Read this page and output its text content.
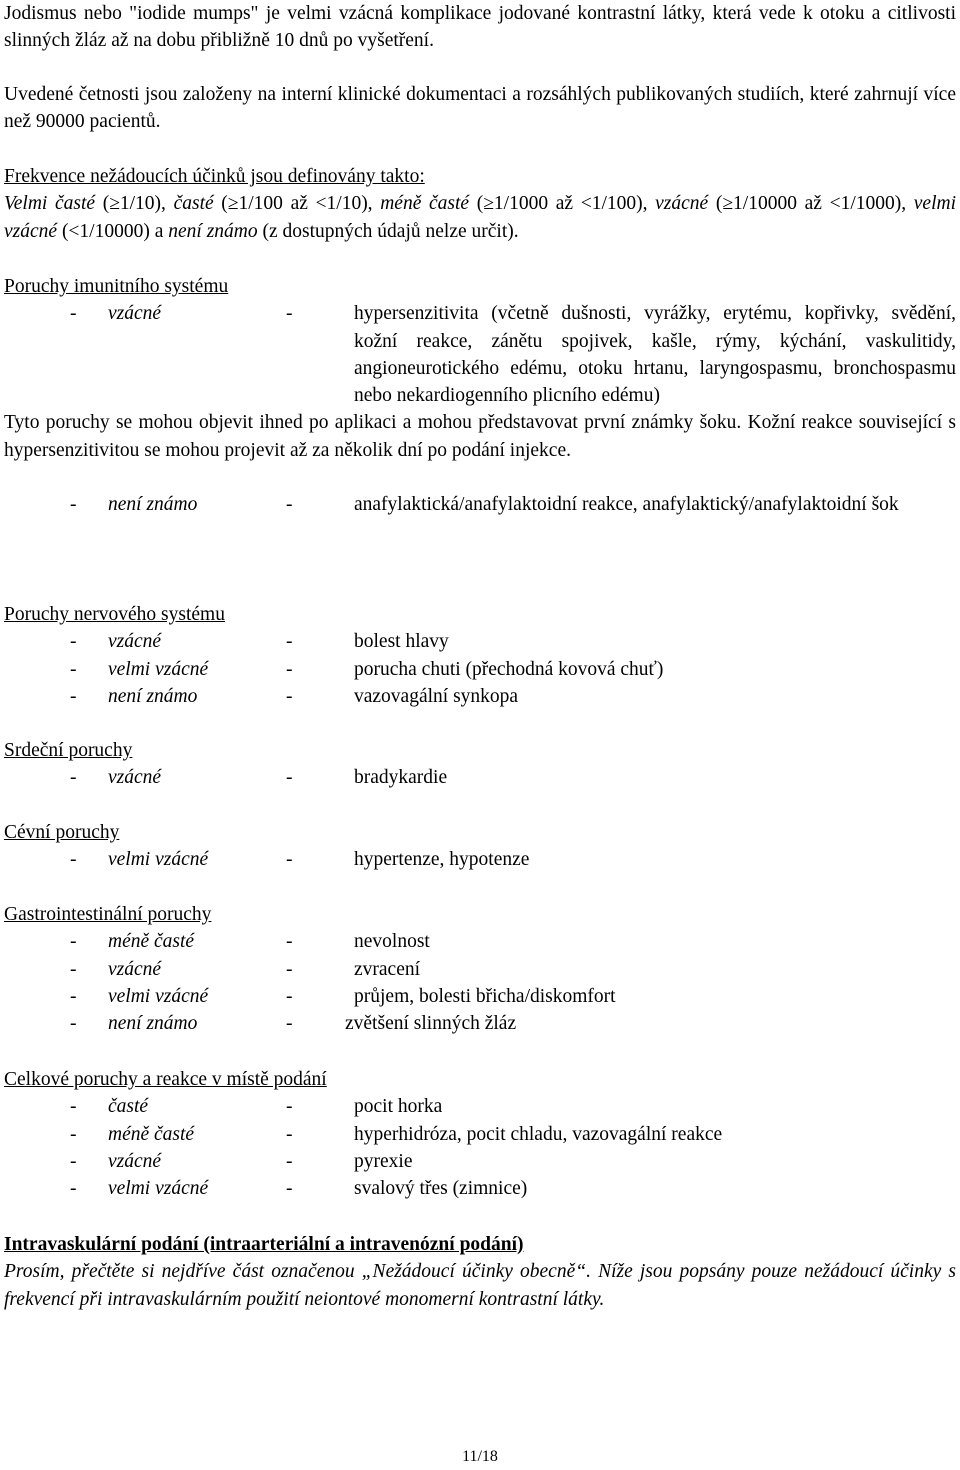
Jodismus nebo "iodide mumps" je velmi vzácná komplikace jodované kontrastní látky, která vede k otoku a citlivosti slinných žláz až na dobu přibližně 10 dnů po vyšetření.

Uvedené četnosti jsou založeny na interní klinické dokumentaci a rozsáhlých publikovaných studiích, které zahrnují více než 90000 pacientů.

Frekvence nežádoucích účinků jsou definovány takto:

Velmi časté (≥1/10), časté (≥1/100 až <1/10), méně časté (≥1/1000 až <1/100), vzácné (≥1/10000 až <1/1000), velmi vzácné (<1/10000) a není známo (z dostupných údajů nelze určit).

Poruchy imunitního systému

- vzácné	-	hypersenzitivita (včetně dušnosti, vyrážky, erytému, kopřivky, svědění, kožní reakce, zánětu spojivek, kašle, rýmy, kýchání, vaskulitidy, angioneurotického edému, otoku hrtanu, laryngospasmu, bronchospasmu nebo nekardiogenního plicního edému)

Tyto poruchy se mohou objevit ihned po aplikaci a mohou představovat první známky šoku. Kožní reakce související s hypersenzitivitou se mohou projevit až za několik dní po podání injekce.

- není známo	-	anafylaktická/anafylaktoidní reakce, anafylaktický/anafylaktoidní šok

Poruchy nervového systému

- vzácné	-	bolest hlavy
- velmi vzácné	-	porucha chuti (přechodná kovová chuť)
- není známo	-	vazovagální synkopa

Srdeční poruchy

- vzácné	-	bradykardie

Cévní poruchy

- velmi vzácné	-	hypertenze, hypotenze

Gastrointestinální poruchy

- méně časté	-	nevolnost
- vzácné	-	zvracení
- velmi vzácné	-	průjem, bolesti břicha/diskomfort
- není známo	-	zvětšení slinných žláz

Celkové poruchy a reakce v místě podání

- časté	-	pocit horka
- méně časté	-	hyperhidróza, pocit chladu, vazovagální reakce
- vzácné	-	pyrexie
- velmi vzácné	-	svalový třes (zimnice)

Intravaskulární podání (intraarteriální a intravenózní podání)

Prosím, přečtěte si nejdříve část označenou „Nežádoucí účinky obecně“. Níže jsou popsány pouze nežádoucí účinky s frekvencí při intravaskulárním použití neiontové monomerní kontrastní látky.

11/18
